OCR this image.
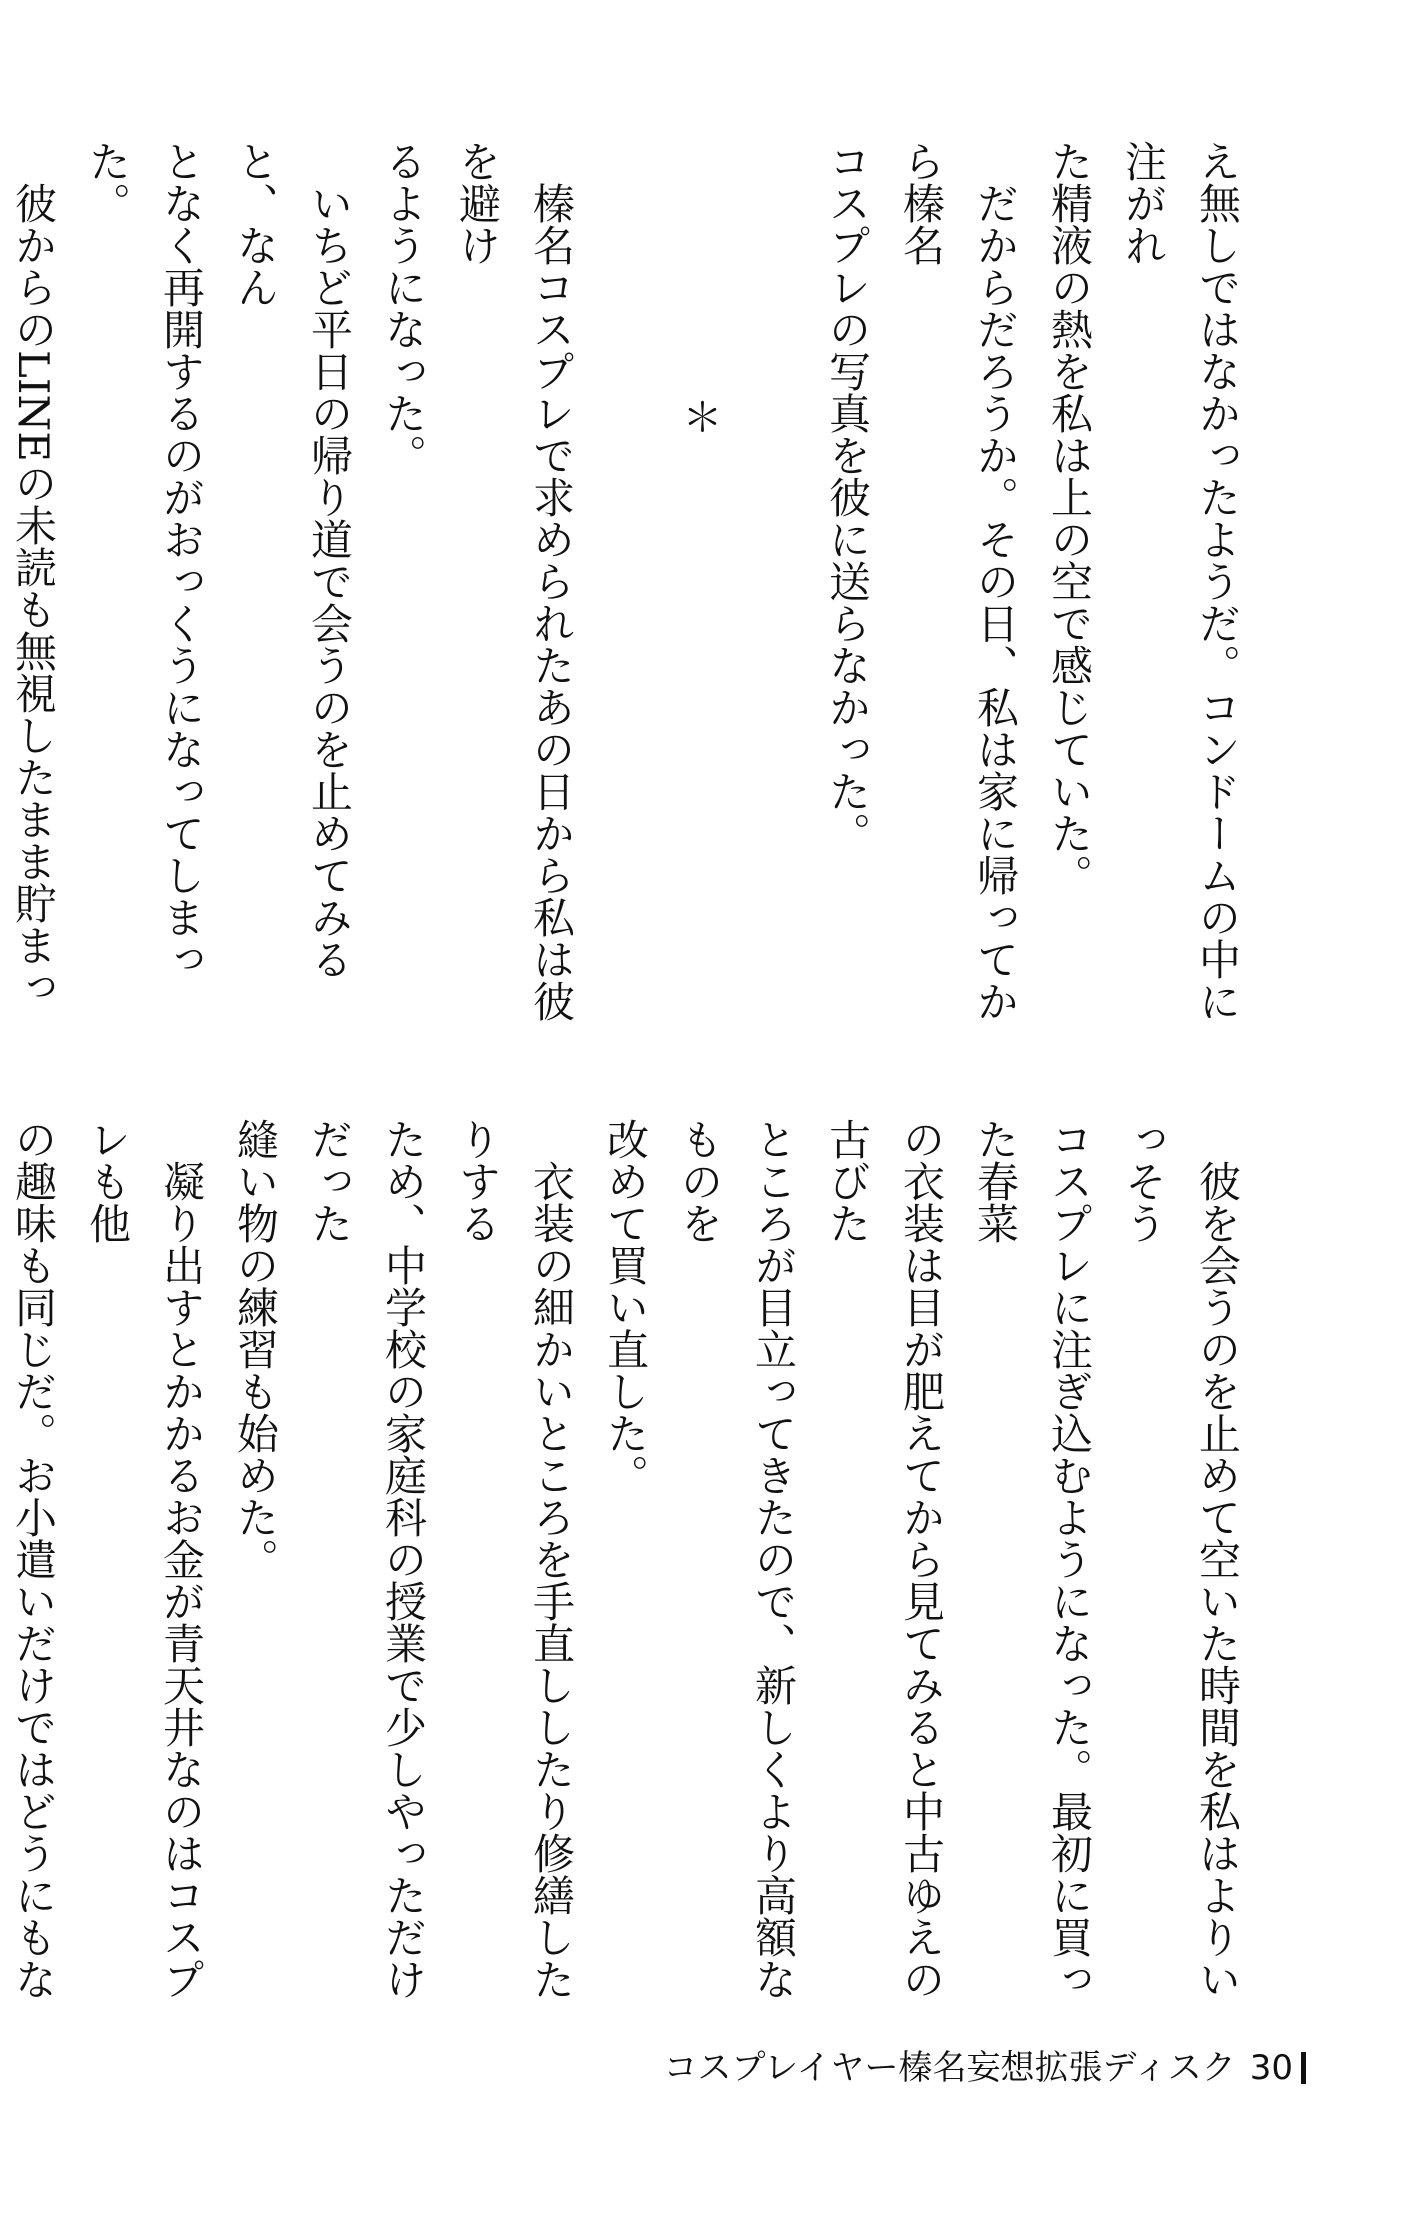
え無しではなかったようだ。コンドームの中に注がれ

た精液の熱を私は上の空で感じていた。

　だからだろうか。その日、私は家に帰ってから榛名

コスプレの写真を彼に送らなかった。

＊

　榛名コスプレで求められたあの日から私は彼を避け

るようになった。

　いちど平日の帰り道で会うのを止めてみると、なん

となく再開するのがおっくうになってしまった。

　彼からのLINEの未読も無視したまま貯まっ

　彼を会うのを止めて空いた時間を私はよりいっそう

コスプレに注ぎ込むようになった。最初に買った春菜

の衣装は目が肥えてから見てみると中古ゆえの古びた

ところが目立ってきたので、新しくより高額なものを

改めて買い直した。

　衣装の細かいところを手直ししたり修繕したりする

ため、中学校の家庭科の授業で少しやっただけだった

縫い物の練習も始めた。

　凝り出すとかかるお金が青天井なのはコスプレも他

の趣味も同じだ。お小遣いだけではどうにもな

コスプレイヤー榛名妄想拡張ディスク 30
